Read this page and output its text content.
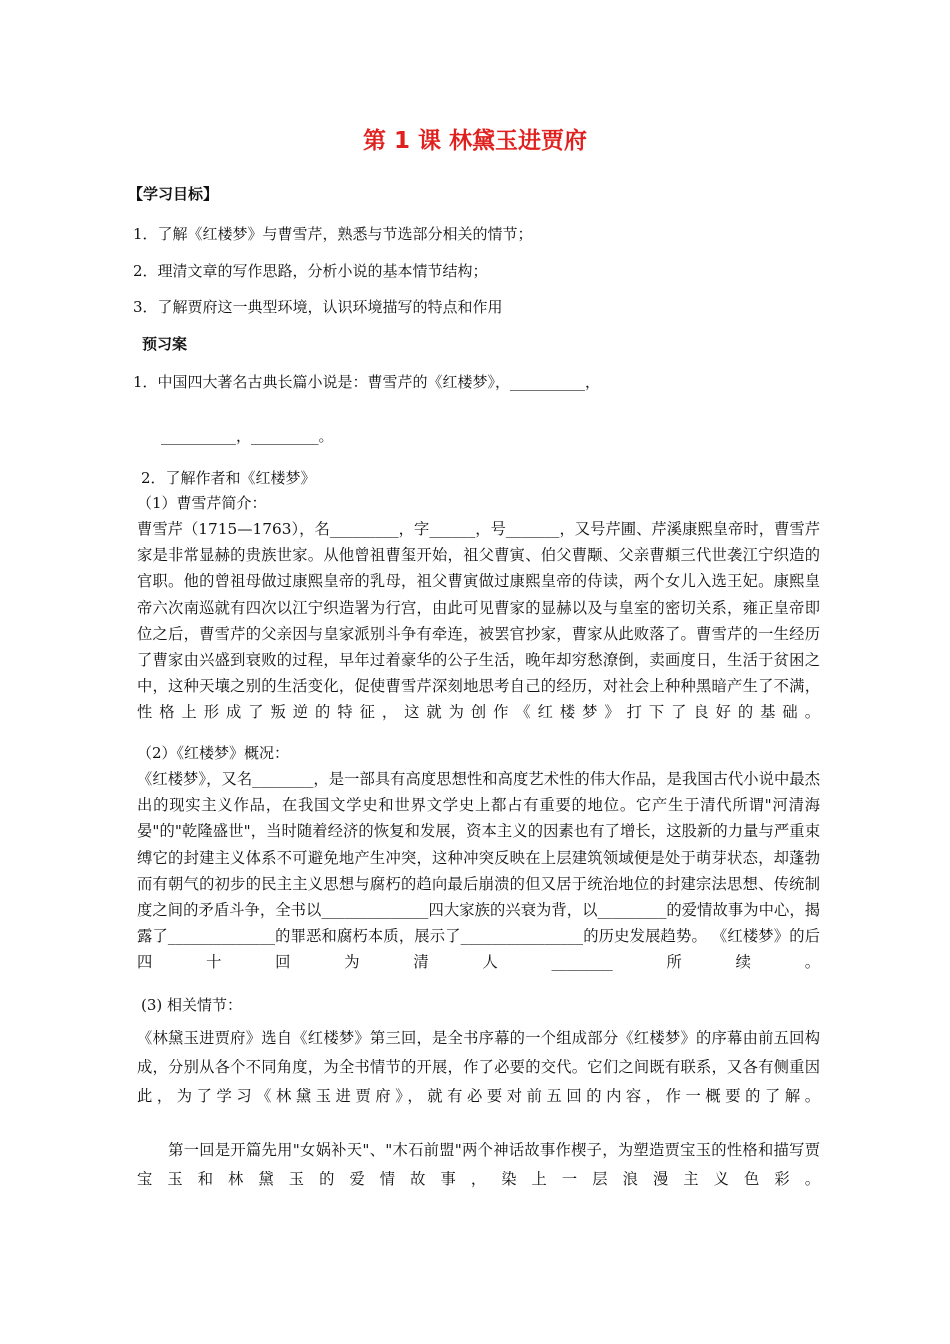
第 1 课 林黛玉进贾府
【学习目标】
1．了解《红楼梦》与曹雪芹，熟悉与节选部分相关的情节；
2．理清文章的写作思路，分析小说的基本情节结构；
3．了解贾府这一典型环境，认识环境描写的特点和作用
预习案
1．中国四大著名古典长篇小说是：曹雪芹的《红楼梦》，__________，
__________，_________。
2．了解作者和《红楼梦》
（1）曹雪芹简介：
曹雪芹（1715—1763），名_________，字______，号_______，又号芹圃、芹溪康熙皇帝时，曹雪芹家是非常显赫的贵族世家。从他曾祖曹玺开始，祖父曹寅、伯父曹颙、父亲曹頫三代世袭江宁织造的官职。他的曾祖母做过康熙皇帝的乳母，祖父曹寅做过康熙皇帝的侍读，两个女儿入选王妃。康熙皇帝六次南巡就有四次以江宁织造署为行宫，由此可见曹家的显赫以及与皇室的密切关系，雍正皇帝即位之后，曹雪芹的父亲因与皇家派别斗争有牵连，被罢官抄家，曹家从此败落了。曹雪芹的一生经历了曹家由兴盛到衰败的过程，早年过着豪华的公子生活，晚年却穷愁潦倒，卖画度日，生活于贫困之中，这种天壤之别的生活变化，促使曹雪芹深刻地思考自己的经历，对社会上种种黑暗产生了不满，性格上形成了叛逆的特征，这就为创作《红楼梦》打下了良好的基础。
（2）《红楼梦》概况：
《红楼梦》，又名________，是一部具有高度思想性和高度艺术性的伟大作品，是我国古代小说中最杰出的现实主义作品，在我国文学史和世界文学史上都占有重要的地位。它产生于清代所谓"河清海晏"的"乾隆盛世"，当时随着经济的恢复和发展，资本主义的因素也有了增长，这股新的力量与严重束缚它的封建主义体系不可避免地产生冲突，这种冲突反映在上层建筑领域便是处于萌芽状态，却蓬勃而有朝气的初步的民主主义思想与腐朽的趋向最后崩溃的但又居于统治地位的封建宗法思想、传统制度之间的矛盾斗争，全书以______________四大家族的兴衰为背，以_________的爱情故事为中心，揭露了______________的罪恶和腐朽本质，展示了________________的历史发展趋势。 《红楼梦》的后四十回为清人________所续。
(3) 相关情节：
《林黛玉进贾府》选自《红楼梦》第三回，是全书序幕的一个组成部分《红楼梦》的序幕由前五回构成，分别从各个不同角度，为全书情节的开展，作了必要的交代。它们之间既有联系，又各有侧重因此，为了学习《林黛玉进贾府》，就有必要对前五回的内容，作一概要的了解。
　　第一回是开篇先用"女娲补天"、"木石前盟"两个神话故事作楔子，为塑造贾宝玉的性格和描写贾宝玉和林黛玉的爱情故事，染上一层浪漫主义色彩。
